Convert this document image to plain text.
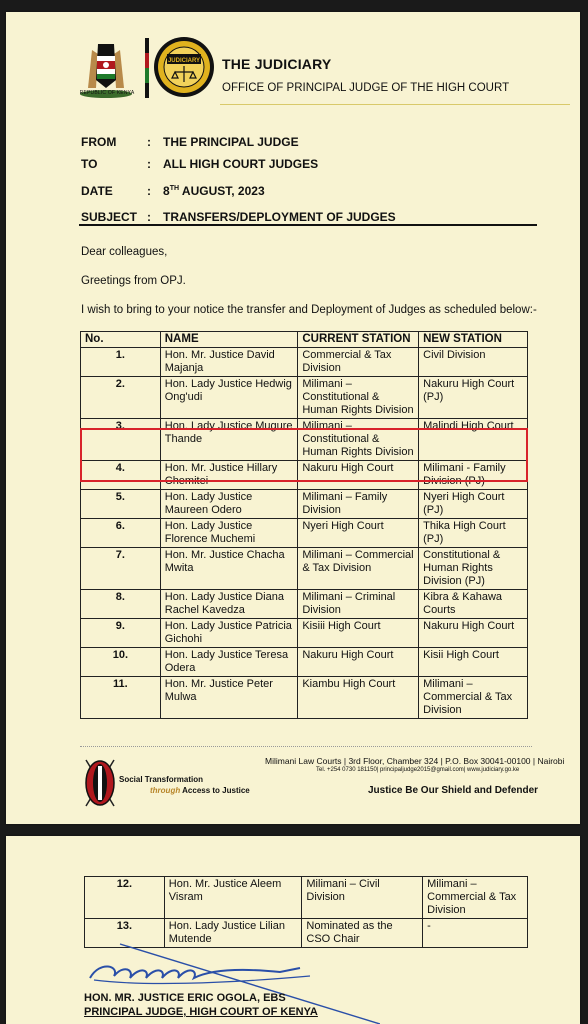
REPUBLIC OF KENYA
JUDICIARY THE JUDICIARY
OFFICE OF PRINCIPAL JUDGE OF THE HIGH COURT
FROM	: THE PRINCIPAL JUDGE
TO	: ALL HIGH COURT JUDGES
DATE	: 8TH AUGUST, 2023
SUBJECT : TRANSFERS/DEPLOYMENT OF JUDGES
Dear colleagues,
Greetings from OPJ.
I wish to bring to your notice the transfer and Deployment of Judges as scheduled below:-
No.	NAME	CURRENT STATION	NEW STATION
1.	Hon. Mr. Justice David Majanja	Commercial & Tax Division	Civil Division
2.	Hon. Lady Justice Hedwig Ong'udi	Milimani – Constitutional & Human Rights Division	Nakuru High Court (PJ)
3.	Hon. Lady Justice Mugure Thande	Milimani – Constitutional & Human Rights Division	Malindi High Court
4.	Hon. Mr. Justice Hillary Chemitei	Nakuru High Court	Milimani - Family Division (PJ)
5.	Hon. Lady Justice Maureen Odero	Milimani – Family Division	Nyeri High Court (PJ)
6.	Hon. Lady Justice Florence Muchemi	Nyeri High Court	Thika High Court (PJ)
7.	Hon. Mr. Justice Chacha Mwita	Milimani – Commercial & Tax Division	Constitutional & Human Rights Division (PJ)
8.	Hon. Lady Justice Diana Rachel Kavedza	Milimani – Criminal Division	Kibra & Kahawa Courts
9.	Hon. Lady Justice Patricia Gichohi	Kisiii High Court	Nakuru High Court
10.	Hon. Lady Justice Teresa Odera	Nakuru High Court	Kisii High Court
11.	Hon. Mr. Justice Peter Mulwa	Kiambu High Court	Milimani – Commercial & Tax Division
Social Transformation
through Access to Justice
Milimani Law Courts | 3rd Floor, Chamber 324 | P.O. Box 30041-00100 | Nairobi
Tel. +254 0730 181150| principaljudge2015@gmail.com| www.judiciary.go.ke
Justice Be Our Shield and Defender
12.	Hon. Mr. Justice Aleem Visram	Milimani – Civil Division	Milimani – Commercial & Tax Division
13.	Hon. Lady Justice Lilian Mutende	Nominated as the CSO Chair	-
HON. MR. JUSTICE ERIC OGOLA, EBS
PRINCIPAL JUDGE, HIGH COURT OF KENYA
